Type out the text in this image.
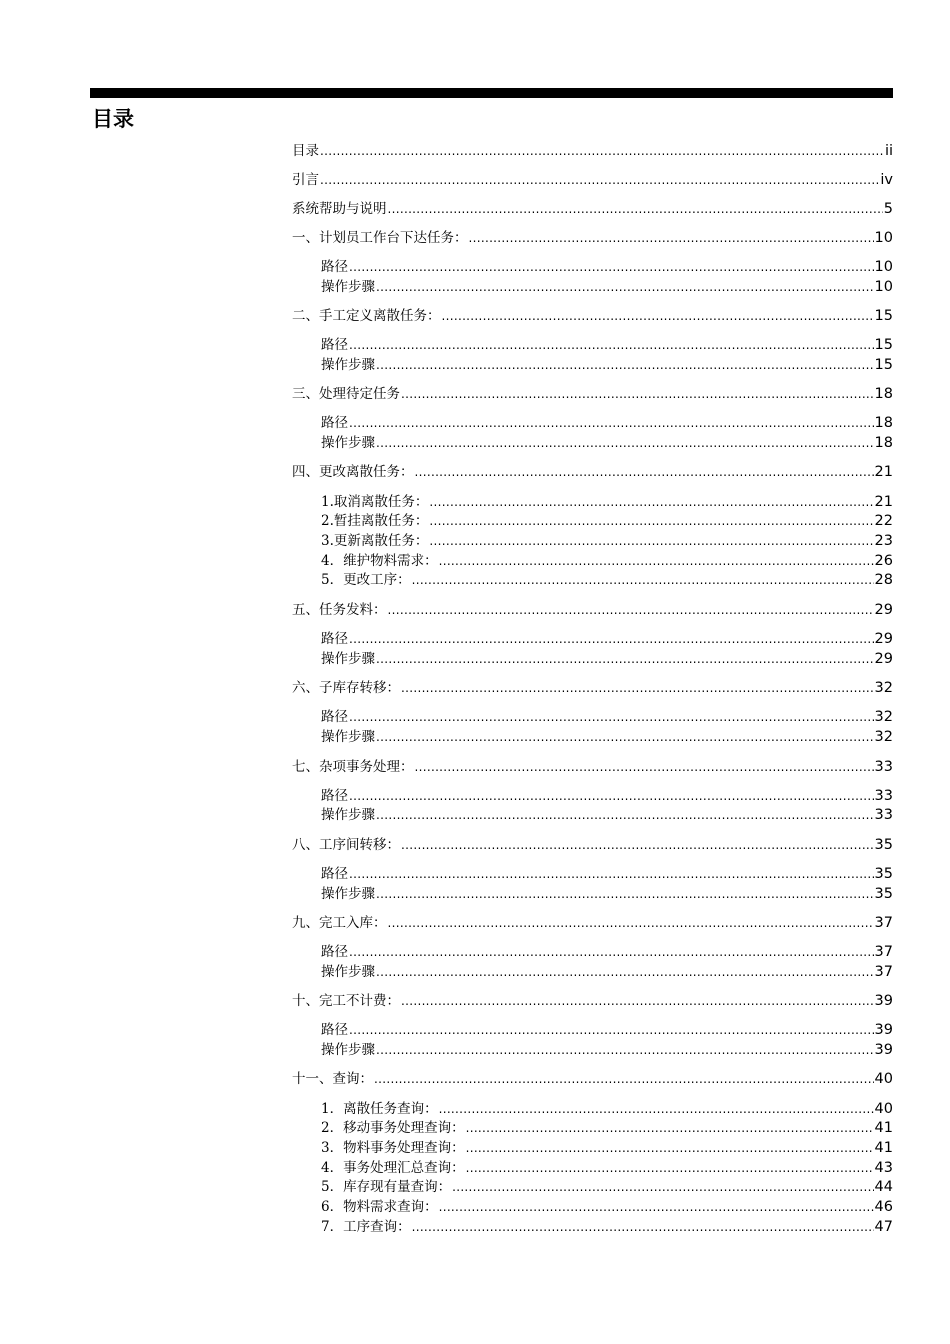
目录
目录 .....	ii
引言 .....	iv
系统帮助与说明 .....	5
一、计划员工作台下达任务： .....	10
路径 .....	10
操作步骤 .....	10
二、手工定义离散任务： .....	15
路径 .....	15
操作步骤 .....	15
三、处理待定任务 .....	18
路径 .....	18
操作步骤 .....	18
四、更改离散任务： .....	21
1.取消离散任务： .....	21
2.暂挂离散任务： .....	22
3.更新离散任务： .....	23
4．维护物料需求： .....	26
5．更改工序： .....	28
五、任务发料： .....	29
路径 .....	29
操作步骤 .....	29
六、子库存转移： .....	32
路径 .....	32
操作步骤 .....	32
七、杂项事务处理： .....	33
路径 .....	33
操作步骤 .....	33
八、工序间转移： .....	35
路径 .....	35
操作步骤 .....	35
九、完工入库： .....	37
路径 .....	37
操作步骤 .....	37
十、完工不计费： .....	39
路径 .....	39
操作步骤 .....	39
十一、查询： .....	40
1．离散任务查询： .....	40
2．移动事务处理查询： .....	41
3．物料事务处理查询： .....	41
4．事务处理汇总查询： .....	43
5．库存现有量查询： .....	44
6．物料需求查询： .....	46
7．工序查询： .....	47
